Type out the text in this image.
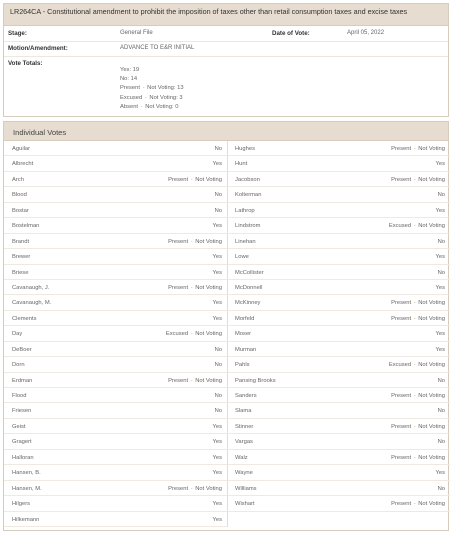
LR264CA - Constitutional amendment to prohibit the imposition of taxes other than retail consumption taxes and excise taxes
Stage:	General File	Date of Vote:	April 05, 2022
Motion/Amendment:	ADVANCE TO E&R INITIAL
Vote Totals:
Yes: 19
No: 14
Present - Not Voting: 13
Excused - Not Voting: 3
Absent - Not Voting: 0
Individual Votes
Aguilar	No
Albrecht	Yes
Arch	Present - Not Voting
Blood	No
Bostar	No
Bostelman	Yes
Brandt	Present - Not Voting
Brewer	Yes
Briese	Yes
Cavanaugh, J.	Present - Not Voting
Cavanaugh, M.	Yes
Clements	Yes
Day	Excused - Not Voting
DeBoer	No
Dorn	No
Erdman	Present - Not Voting
Flood	No
Friesen	No
Geist	Yes
Gragert	Yes
Halloran	Yes
Hansen, B.	Yes
Hansen, M.	Present - Not Voting
Hilgers	Yes
Hilkemann	Yes
Hughes	Present - Not Voting
Hunt	Yes
Jacobson	Present - Not Voting
Kolterman	No
Lathrop	Yes
Lindstrom	Excused - Not Voting
Linehan	No
Lowe	Yes
McCollister	No
McDonnell	Yes
McKinney	Present - Not Voting
Morfeld	Present - Not Voting
Moser	Yes
Murman	Yes
Pahls	Excused - Not Voting
Pansing Brooks	No
Sanders	Present - Not Voting
Slama	No
Stinner	Present - Not Voting
Vargas	No
Walz	Present - Not Voting
Wayne	Yes
Williams	No
Wishart	Present - Not Voting
